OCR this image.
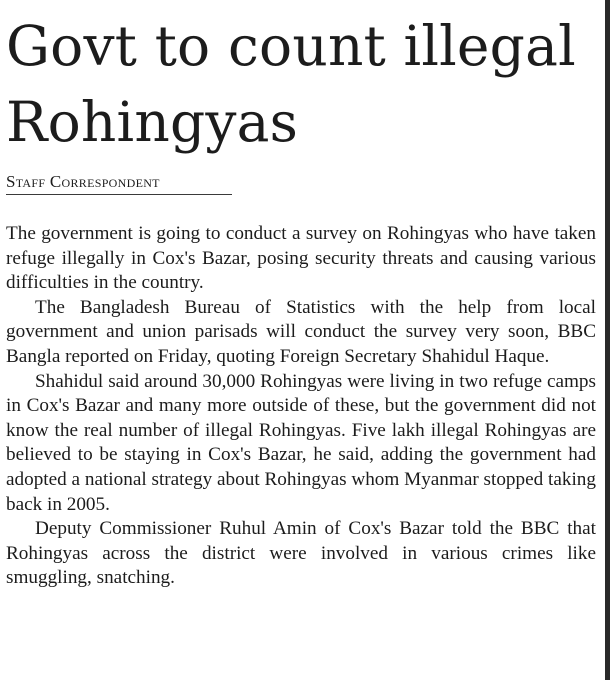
Govt to count illegal Rohingyas
Staff Correspondent

The government is going to conduct a survey on Rohingyas who have taken refuge illegally in Cox's Bazar, posing security threats and causing various difficulties in the country.

The Bangladesh Bureau of Statistics with the help from local government and union parisads will conduct the survey very soon, BBC Bangla reported on Friday, quoting Foreign Secretary Shahidul Haque.

Shahidul said around 30,000 Rohingyas were living in two refuge camps in Cox's Bazar and many more outside of these, but the government did not know the real number of illegal Rohingyas. Five lakh illegal Rohingyas are believed to be staying in Cox's Bazar, he said, adding the government had adopted a national strategy about Rohingyas whom Myanmar stopped taking back in 2005.

Deputy Commissioner Ruhul Amin of Cox's Bazar told the BBC that Rohingyas across the district were involved in various crimes like smuggling, snatching.
